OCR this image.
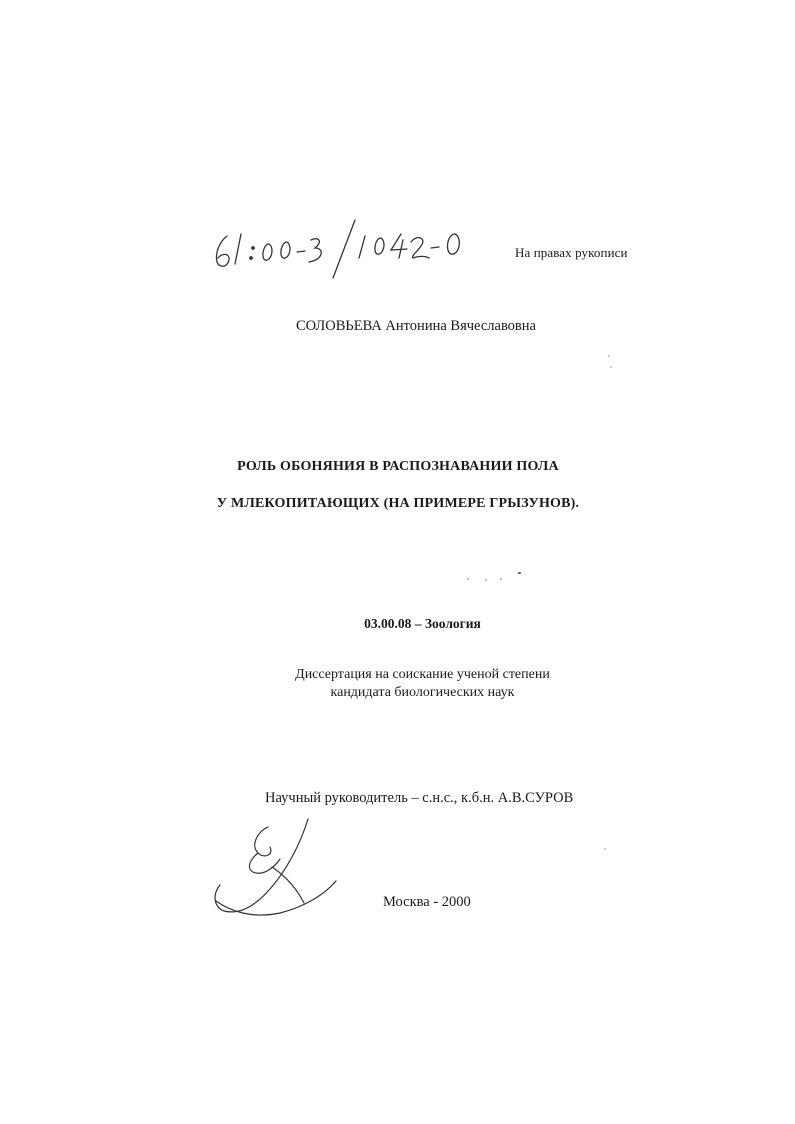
На правах рукописи
СОЛОВЬЕВА Антонина Вячеславовна
РОЛЬ ОБОНЯНИЯ В РАСПОЗНАВАНИИ ПОЛА
У МЛЕКОПИТАЮЩИХ (НА ПРИМЕРЕ ГРЫЗУНОВ).
03.00.08 – Зоология
Диссертация на соискание ученой степени
кандидата биологических наук
Научный руководитель – с.н.с., к.б.н. А.В.СУРОВ
Москва - 2000
